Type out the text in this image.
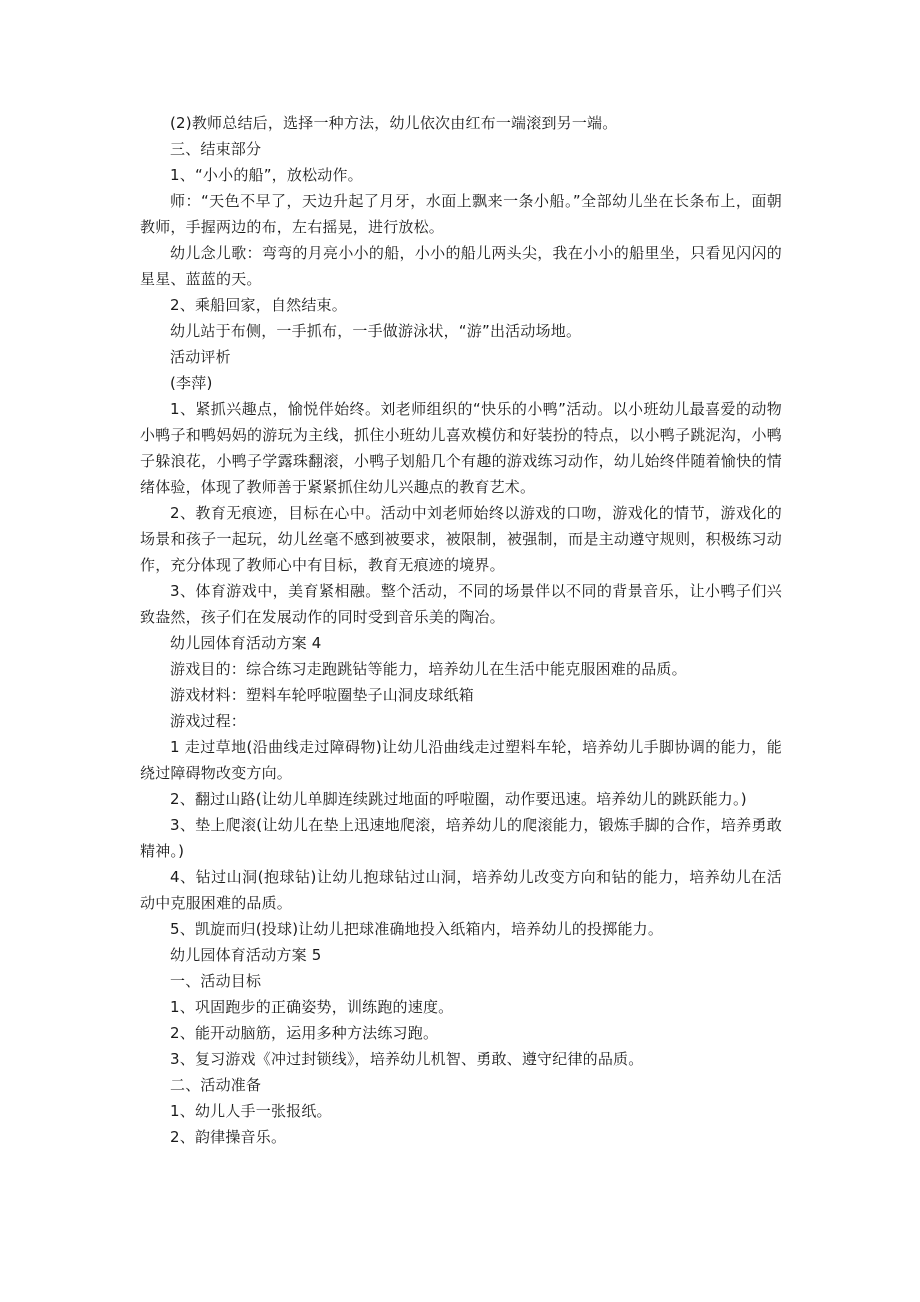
(2)教师总结后，选择一种方法，幼儿依次由红布一端滚到另一端。

三、结束部分

1、“小小的船”，放松动作。

师：“天色不早了，天边升起了月牙，水面上飘来一条小船。”全部幼儿坐在长条布上，面朝教师，手握两边的布，左右摇晃，进行放松。

幼儿念儿歌：弯弯的月亮小小的船，小小的船儿两头尖，我在小小的船里坐，只看见闪闪的星星、蓝蓝的天。

2、乘船回家，自然结束。

幼儿站于布侧，一手抓布，一手做游泳状，“游”出活动场地。

活动评析

(李萍)

1、紧抓兴趣点，愉悦伴始终。刘老师组织的“快乐的小鸭”活动。以小班幼儿最喜爱的动物小鸭子和鸭妈妈的游玩为主线，抓住小班幼儿喜欢模仿和好装扮的特点，以小鸭子跳泥沟，小鸭子躲浪花，小鸭子学露珠翻滚，小鸭子划船几个有趣的游戏练习动作，幼儿始终伴随着愉快的情绪体验，体现了教师善于紧紧抓住幼儿兴趣点的教育艺术。

2、教育无痕迹，目标在心中。活动中刘老师始终以游戏的口吻，游戏化的情节，游戏化的场景和孩子一起玩，幼儿丝毫不感到被要求，被限制，被强制，而是主动遵守规则，积极练习动作，充分体现了教师心中有目标，教育无痕迹的境界。

3、体育游戏中，美育紧相融。整个活动，不同的场景伴以不同的背景音乐，让小鸭子们兴致盎然，孩子们在发展动作的同时受到音乐美的陶冶。

幼儿园体育活动方案 4

游戏目的：综合练习走跑跳钻等能力，培养幼儿在生活中能克服困难的品质。

游戏材料：塑料车轮呼啦圈垫子山洞皮球纸箱

游戏过程：

1 走过草地(沿曲线走过障碍物)让幼儿沿曲线走过塑料车轮，培养幼儿手脚协调的能力，能绕过障碍物改变方向。

2、翻过山路(让幼儿单脚连续跳过地面的呼啦圈，动作要迅速。培养幼儿的跳跃能力。)

3、垫上爬滚(让幼儿在垫上迅速地爬滚，培养幼儿的爬滚能力，锻炼手脚的合作，培养勇敢精神。)

4、钻过山洞(抱球钻)让幼儿抱球钻过山洞，培养幼儿改变方向和钻的能力，培养幼儿在活动中克服困难的品质。

5、凯旋而归(投球)让幼儿把球准确地投入纸箱内，培养幼儿的投掷能力。

幼儿园体育活动方案 5

一、活动目标

1、巩固跑步的正确姿势，训练跑的速度。

2、能开动脑筋，运用多种方法练习跑。

3、复习游戏《冲过封锁线》，培养幼儿机智、勇敢、遵守纪律的品质。

二、活动准备

1、幼儿人手一张报纸。

2、韵律操音乐。
